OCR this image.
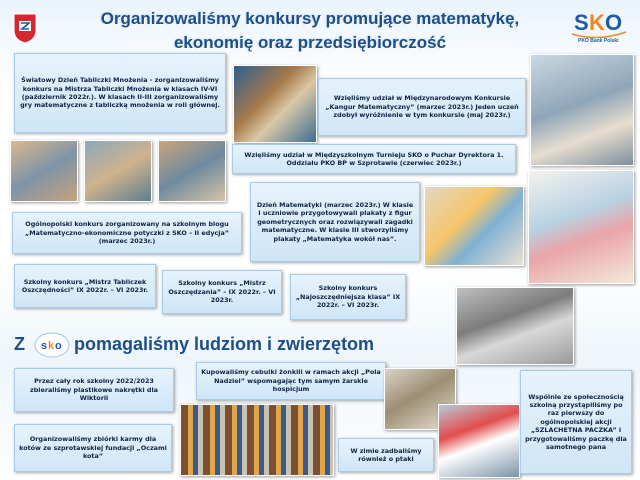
S K O
PKO Bank Polski
Organizowaliśmy konkursy promujące matematykę,
ekonomię oraz przedsiębiorczość
Światowy Dzień Tabliczki Mnożenia - zorganizowaliśmy konkurs na Mistrza Tabliczki Mnożenia w klasach IV-VI (październik 2022r.). W klasach II-III zorganizowaliśmy gry matematyczne z tabliczką mnożenia w roli głównej.
Wzięliśmy udział w Międzynarodowym Konkursie „Kangur Matematyczny” (marzec 2023r.) Jeden uczeń zdobył wyróżnienie w tym konkursie (maj 2023r.)
Wzięliśmy udział w Międzyszkolnym Turnieju SKO o Puchar Dyrektora 1. Oddziału PKO BP w Szprotawie (czerwiec 2023r.)
Dzień Matematyki (marzec 2023r.) W klasie I uczniowie przygotowywali plakaty z figur geometrycznych oraz rozwiązywali zagadki matematyczne. W klasie III stworzyliśmy plakaty „Matematyka wokół nas”.
Ogólnopolski konkurs zorganizowany na szkolnym blogu „Matematyczno-ekonomiczne potyczki z SKO – II edycja” (marzec 2023r.)
Szkolny konkurs „Mistrz Tabliczek Oszczędności” IX 2022r. – VI 2023r.
Szkolny konkurs „Mistrz Oszczędzania” – IX 2022r. – VI 2023r.
Szkolny konkurs „Najoszczędniejsza klasa” IX 2022r. – VI 2023r.
Z s k o pomagaliśmy ludziom i zwierzętom
Przez cały rok szkolny 2022/2023 zbieraliśmy plastikowe nakrętki dla Wiktorii
Kupowaliśmy cebulki żonkili w ramach akcji „Pola Nadziei” wspomagając tym samym żarskie hospicjum
Wspólnie ze społecznością szkolną przystąpiliśmy po raz pierwszy do ogólnopolskiej akcji „SZLACHETNA PACZKA” i przygotowaliśmy paczkę dla samotnego pana
Organizowaliśmy zbiórki karmy dla kotów ze szprotawskiej fundacji „Oczami kota”
W zimie zadbaliśmy również o ptaki
